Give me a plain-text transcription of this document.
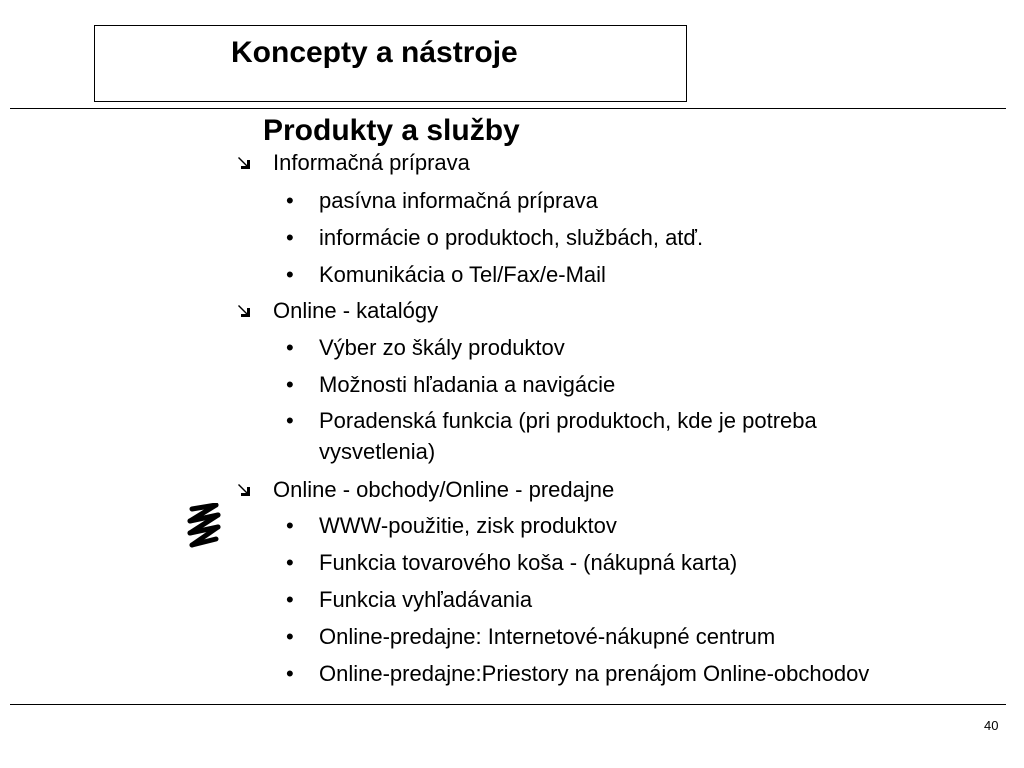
Koncepty a nástroje
Produkty a služby
Informačná príprava
• pasívna informačná príprava
• informácie o produktoch, službách, atď.
• Komunikácia o Tel/Fax/e-Mail
Online - katalógy
• Výber zo škály produktov
• Možnosti hľadania a navigácie
• Poradenská funkcia (pri produktoch, kde je potreba
vysvetlenia)
Online - obchody/Online - predajne
• WWW-použitie, zisk produktov
• Funkcia tovarového koša - (nákupná karta)
• Funkcia vyhľadávania
• Online-predajne: Internetové-nákupné centrum
• Online-predajne:Priestory na prenájom Online-obchodov
40
